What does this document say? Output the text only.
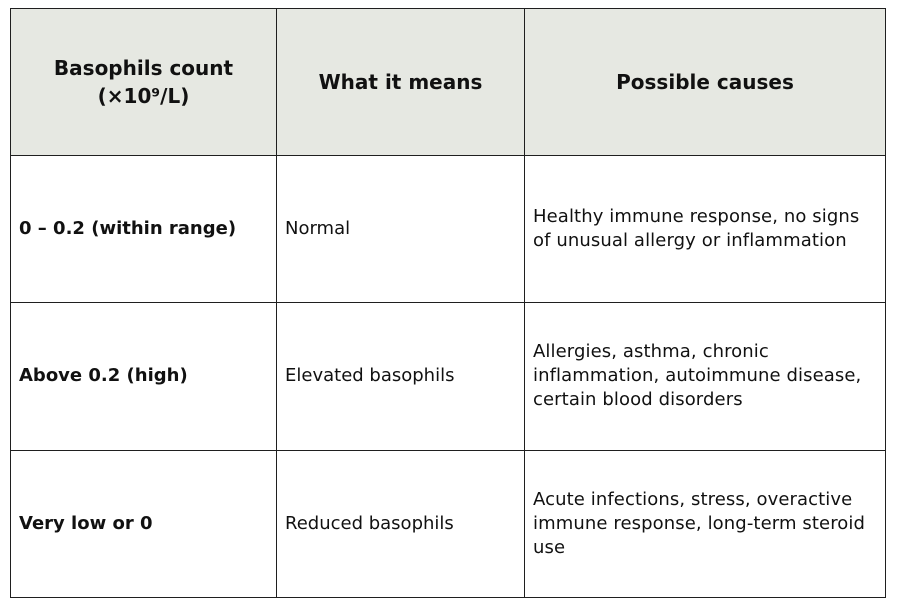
Basophils count
(×10⁹/L)	What it means	Possible causes
0 – 0.2 (within range)	Normal	Healthy immune response, no signs of unusual allergy or inflammation
Above 0.2 (high)	Elevated basophils	Allergies, asthma, chronic inflammation, autoimmune disease, certain blood disorders
Very low or 0	Reduced basophils	Acute infections, stress, overactive immune response, long-term steroid use
